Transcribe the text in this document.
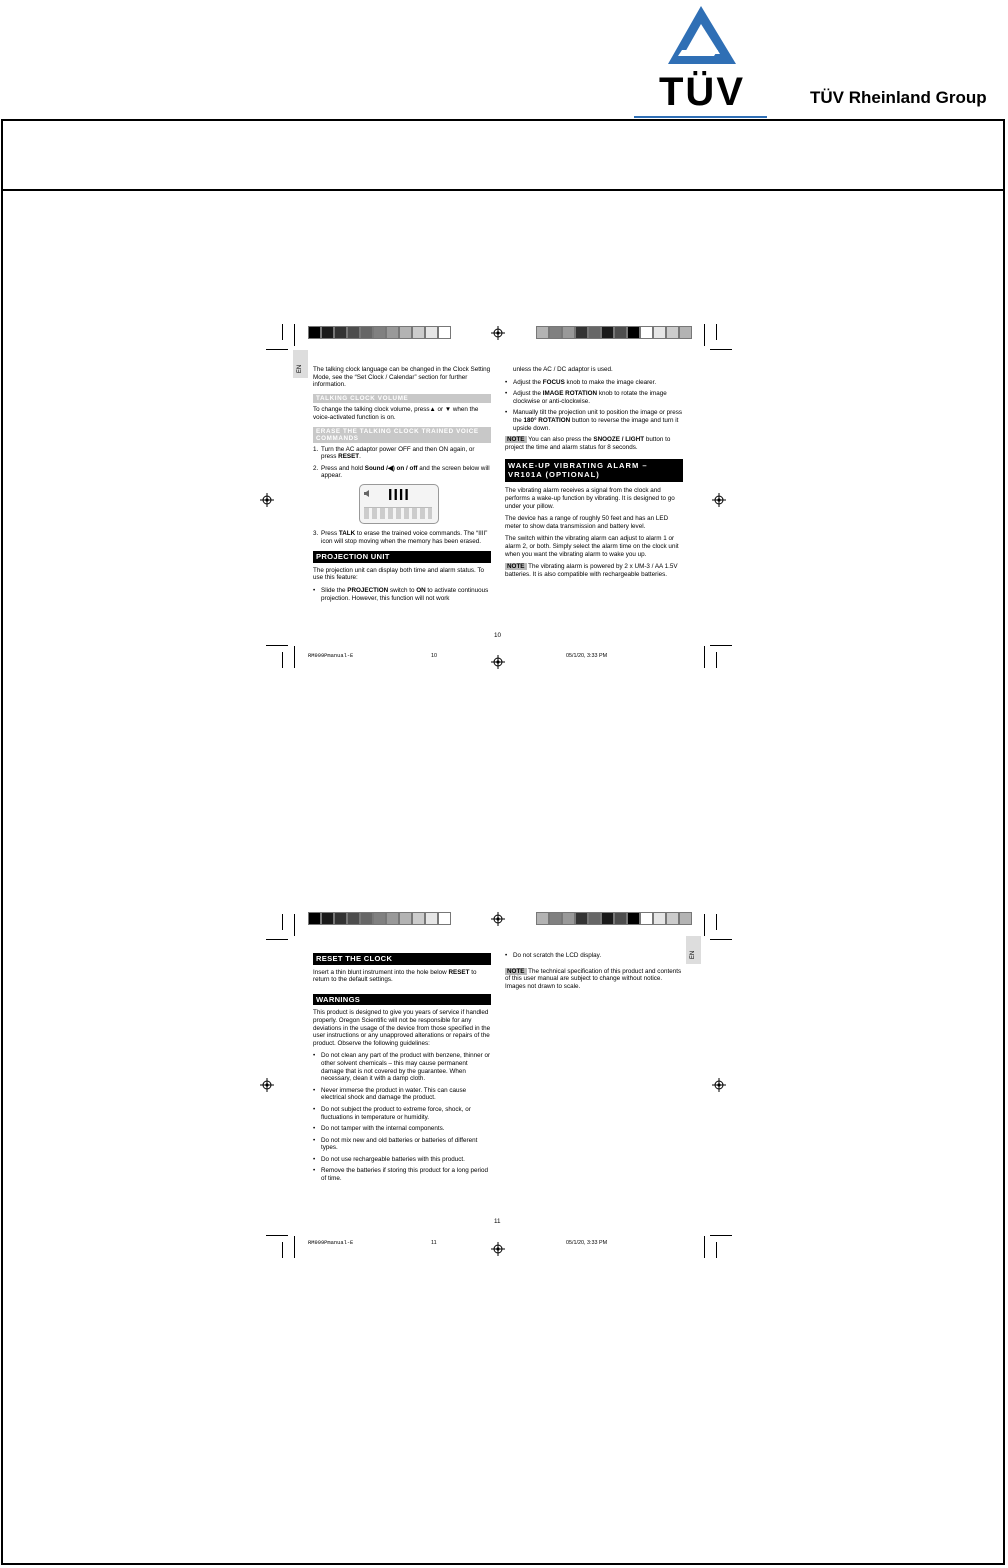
TÜV	TÜV Rheinland Group
EN The talking clock language can be changed in the Clock Setting Mode, see the “Set Clock / Calendar” section for further information.
TALKING CLOCK VOLUME
To change the talking clock volume, press▲ or ▼ when the voice-activated function is on.
ERASE THE TALKING CLOCK TRAINED VOICE COMMANDS
1. Turn the AC adaptor power OFF and then ON again, or press RESET.
2. Press and hold Sound /◀) on / off and the screen below will appear.
IIII
3. Press TALK to erase the trained voice commands. The “IIII” icon will stop moving when the memory has been erased.
PROJECTION UNIT
The projection unit can display both time and alarm status. To use this feature:
• Slide the PROJECTION switch to ON to activate continuous projection. However, this function will not work
unless the AC / DC adaptor is used.
• Adjust the FOCUS knob to make the image clearer.
• Adjust the IMAGE ROTATION knob to rotate the image clockwise or anti-clockwise.
• Manually tilt the projection unit to position the image or press the 180° ROTATION button to reverse the image and turn it upside down.
NOTE You can also press the SNOOZE / LIGHT button to project the time and alarm status for 8 seconds.
WAKE-UP VIBRATING ALARM – VR101A (OPTIONAL)
The vibrating alarm receives a signal from the clock and performs a wake-up function by vibrating. It is designed to go under your pillow.
The device has a range of roughly 50 feet and has an LED meter to show data transmission and battery level.
The switch within the vibrating alarm can adjust to alarm 1 or alarm 2, or both. Simply select the alarm time on the clock unit when you want the vibrating alarm to wake you up.
NOTE The vibrating alarm is powered by 2 x UM-3 / AA 1.5V batteries. It is also compatible with rechargeable batteries.
10
RM999Pmanual-E	10	05/1/20, 3:33 PM
EN
RESET THE CLOCK
Insert a thin blunt instrument into the hole below RESET to return to the default settings.
WARNINGS
This product is designed to give you years of service if handled properly. Oregon Scientific will not be responsible for any deviations in the usage of the device from those specified in the user instructions or any unapproved alterations or repairs of the product. Observe the following guidelines:
• Do not clean any part of the product with benzene, thinner or other solvent chemicals – this may cause permanent damage that is not covered by the guarantee. When necessary, clean it with a damp cloth.
• Never immerse the product in water. This can cause electrical shock and damage the product.
• Do not subject the product to extreme force, shock, or fluctuations in temperature or humidity.
• Do not tamper with the internal components.
• Do not mix new and old batteries or batteries of different types.
• Do not use rechargeable batteries with this product.
• Remove the batteries if storing this product for a long period of time.
• Do not scratch the LCD display.
NOTE The technical specification of this product and contents of this user manual are subject to change without notice. Images not drawn to scale.
11
RM999Pmanual-E	11	05/1/20, 3:33 PM
